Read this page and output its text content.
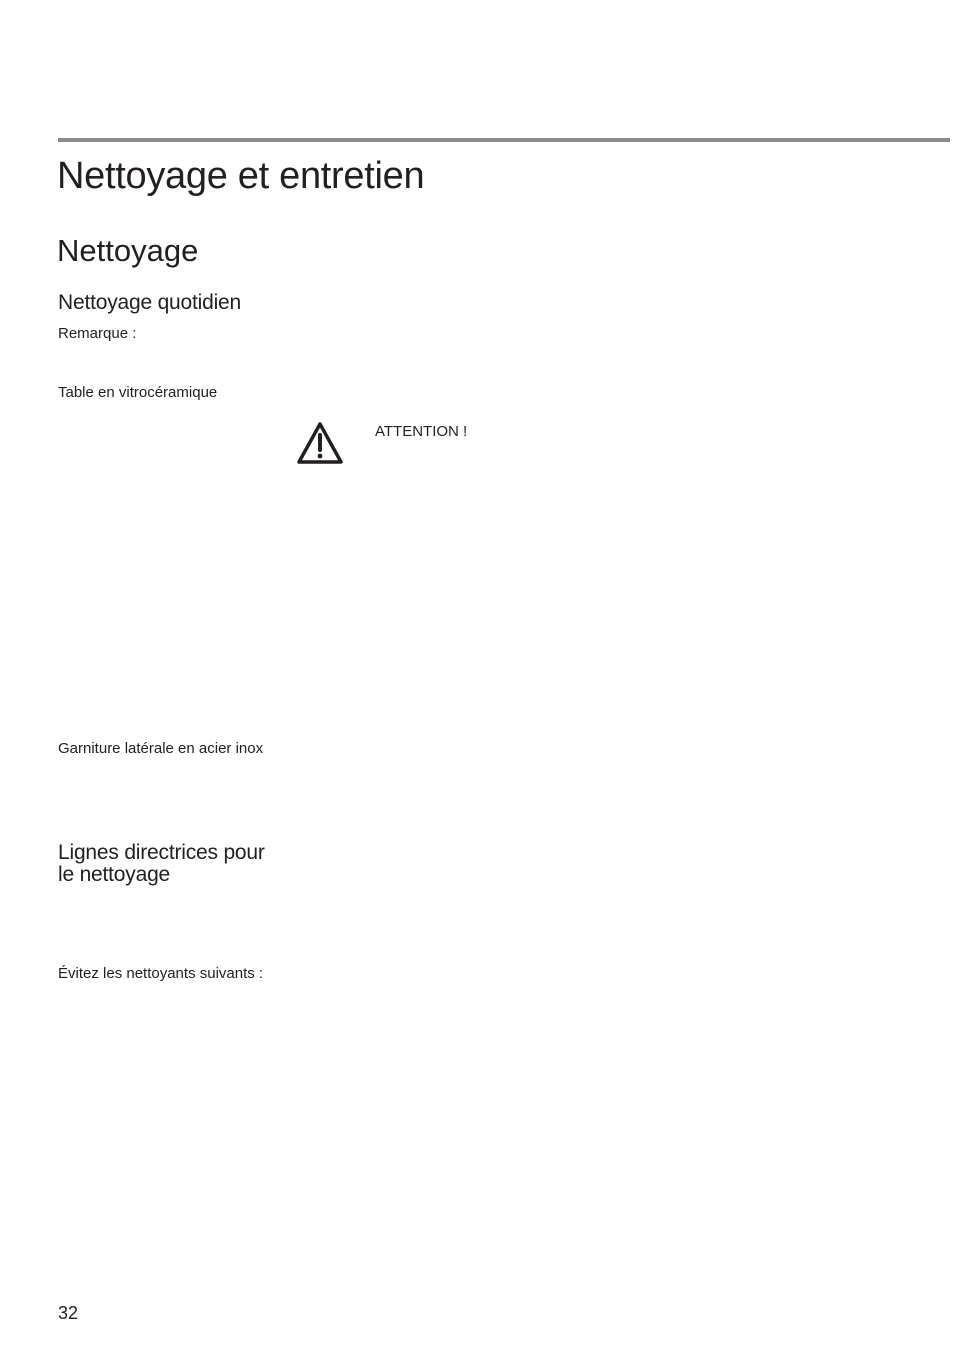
Nettoyage et entretien
Nettoyage
Nettoyage quotidien
Remarque :
Table en vitrocéramique
ATTENTION !
Garniture latérale en acier inox
Lignes directrices pour
le nettoyage
Évitez les nettoyants suivants :
32
